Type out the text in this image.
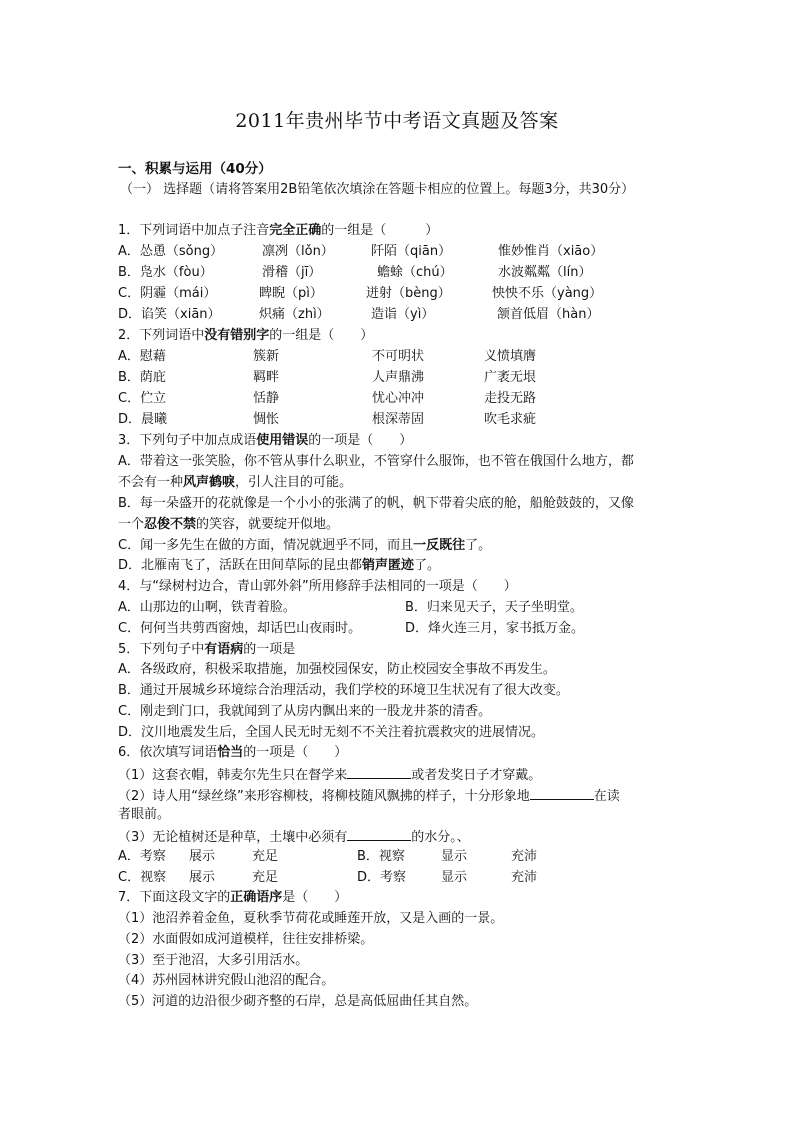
2011年贵州毕节中考语文真题及答案
一、积累与运用（40分）
（一） 选择题（请将答案用2B铅笔依次填涂在答题卡相应的位置上。每题3分，共30分）
1．下列词语中加点子注音完全正确的一组是（　　　）
A．怂恿（sǒng）	凛冽（lǒn）	阡陌（qiān）	惟妙惟肖（xiāo）
B．凫水（fòu）	滑稽（jī）	蟾蜍（chú）	水波粼粼（lín）
C．阴霾（mái）	睥睨（pì）	迸射（bèng）	怏怏不乐（yàng）
D．谄笑（xiān）	炽痛（zhì）	造诣（yì）	颔首低眉（hàn）
2．下列词语中没有错别字的一组是（　　）
A．慰藉	簇新	不可明状	义愤填膺
B．荫庇	羁畔	人声鼎沸	广袤无垠
C．伫立	恬静	忧心冲冲	走投无路
D．晨曦	惆怅	根深蒂固	吹毛求疵
3．下列句子中加点成语使用错误的一项是（　　）
A．带着这一张笑脸，你不管从事什么职业，不管穿什么服饰，也不管在俄国什么地方，都
不会有一种风声鹤唳，引人注目的可能。
B．每一朵盛开的花就像是一个小小的张满了的帆，帆下带着尖底的舱，船舱鼓鼓的，又像
一个忍俊不禁的笑容，就要绽开似地。
C．闻一多先生在做的方面，情况就迥乎不同，而且一反既往了。
D．北雁南飞了，活跃在田间草际的昆虫都销声匿迹了。
4．与“绿树村边合，青山郭外斜”所用修辞手法相同的一项是（　　）
A．山那边的山啊，铁青着脸。	B．归来见天子，天子坐明堂。
C．何何当共剪西窗烛，却话巴山夜雨时。	D．烽火连三月，家书抵万金。
5．下列句子中有语病的一项是
A．各级政府，积极采取措施，加强校园保安，防止校园安全事故不再发生。
B．通过开展城乡环境综合治理活动，我们学校的环境卫生状况有了很大改变。
C．刚走到门口，我就闻到了从房内飘出来的一股龙井茶的清香。
D．汶川地震发生后，全国人民无时无刻不不关注着抗震救灾的进展情况。
6．依次填写词语恰当的一项是（　　）
（1）这套衣帽，韩麦尔先生只在督学来	或者发奖日子才穿戴。
（2）诗人用“绿丝绦”来形容柳枝，将柳枝随风飘拂的样子，十分形象地	在读
者眼前。
（3）无论植树还是种草，土壤中必须有	的水分。、
A．考察 展示	充足	B．视察	显示	充沛
C．视察 展示	充足	D．考察	显示	充沛
7．下面这段文字的正确语序是（　　）
（1）池沼养着金鱼，夏秋季节荷花或睡莲开放，又是入画的一景。
（2）水面假如成河道模样，往往安排桥梁。
（3）至于池沼，大多引用活水。
（4）苏州园林讲究假山池沼的配合。
（5）河道的边沿很少砌齐整的石岸，总是高低屈曲任其自然。
